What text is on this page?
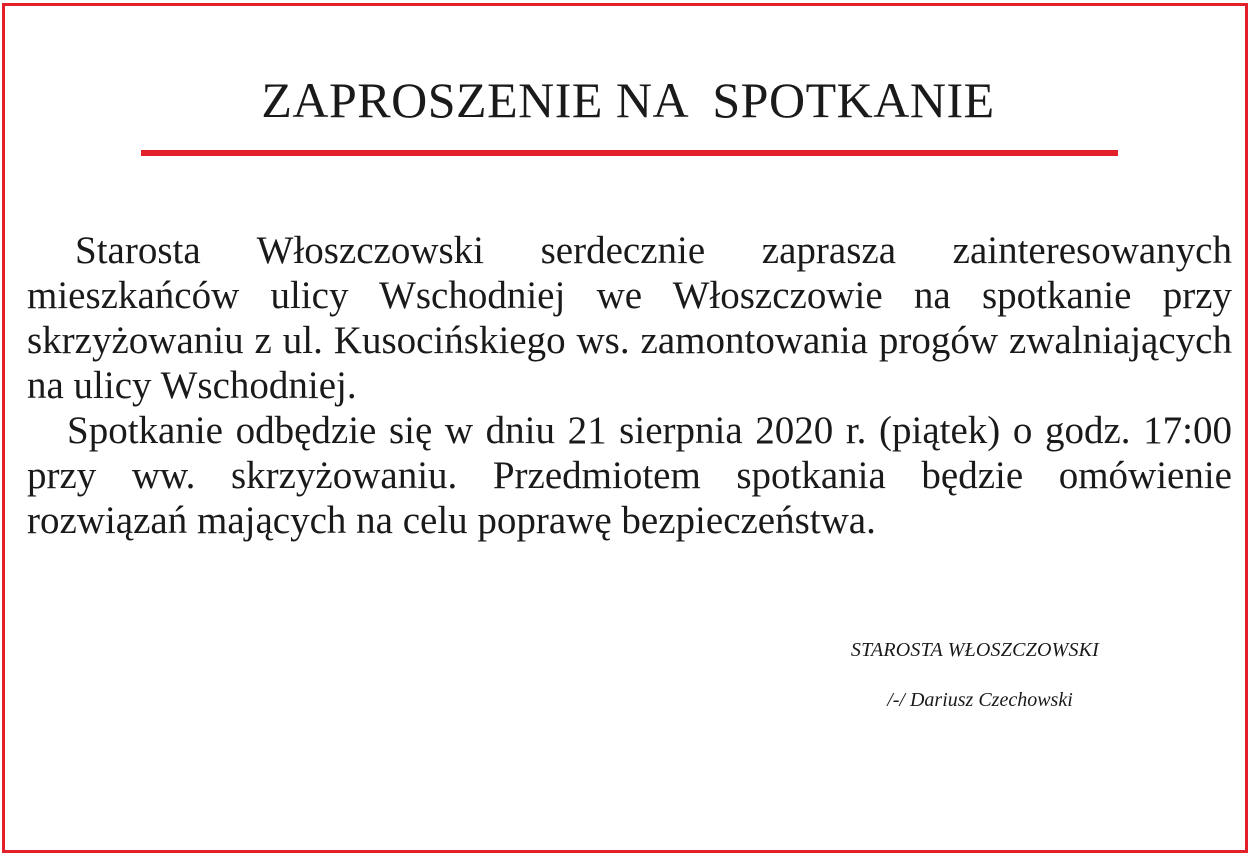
ZAPROSZENIE NA  SPOTKANIE

Starosta Włoszczowski serdecznie zaprasza zainteresowanych mieszkańców ulicy Wschodniej we Włoszczowie na spotkanie przy skrzyżowaniu z ul. Kusocińskiego ws. zamontowania progów zwalniających na ulicy Wschodniej.

Spotkanie odbędzie się w dniu 21 sierpnia 2020 r. (piątek) o godz. 17:00 przy ww. skrzyżowaniu. Przedmiotem spotkania będzie omówienie rozwiązań mających na celu poprawę bezpieczeństwa.

STAROSTA WŁOSZCZOWSKI

/-/ Dariusz Czechowski
